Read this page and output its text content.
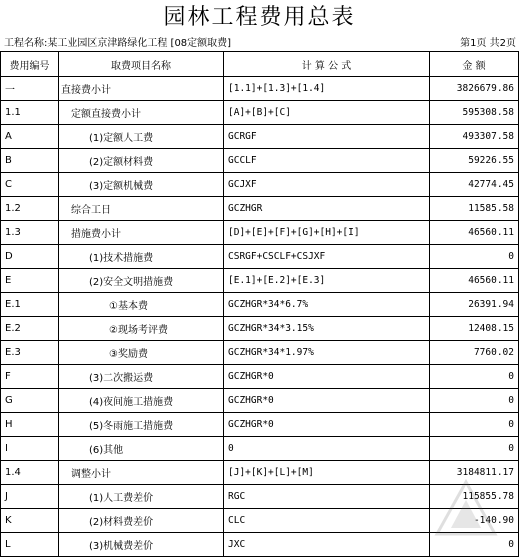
园林工程费用总表
工程名称:某工业园区京津路绿化工程 [08定额取费]	第1页 共2页
费用编号	取费项目名称	计 算 公 式	金 额
一	直接费小计	[1.1]+[1.3]+[1.4]	3826679.86
1.1	定额直接费小计	[A]+[B]+[C]	595308.58
A	(1)定额人工费	GCRGF	493307.58
B	(2)定额材料费	GCCLF	59226.55
C	(3)定额机械费	GCJXF	42774.45
1.2	综合工日	GCZHGR	11585.58
1.3	措施费小计	[D]+[E]+[F]+[G]+[H]+[I]	46560.11
D	(1)技术措施费	CSRGF+CSCLF+CSJXF	0
E	(2)安全文明措施费	[E.1]+[E.2]+[E.3]	46560.11
E.1	①基本费	GCZHGR*34*6.7%	26391.94
E.2	②现场考评费	GCZHGR*34*3.15%	12408.15
E.3	③奖励费	GCZHGR*34*1.97%	7760.02
F	(3)二次搬运费	GCZHGR*0	0
G	(4)夜间施工措施费	GCZHGR*0	0
H	(5)冬雨施工措施费	GCZHGR*0	0
I	(6)其他	0	0
1.4	调整小计	[J]+[K]+[L]+[M]	3184811.17
J	(1)人工费差价	RGC	115855.78
K	(2)材料费差价	CLC	-140.90
L	(3)机械费差价	JXC	0
